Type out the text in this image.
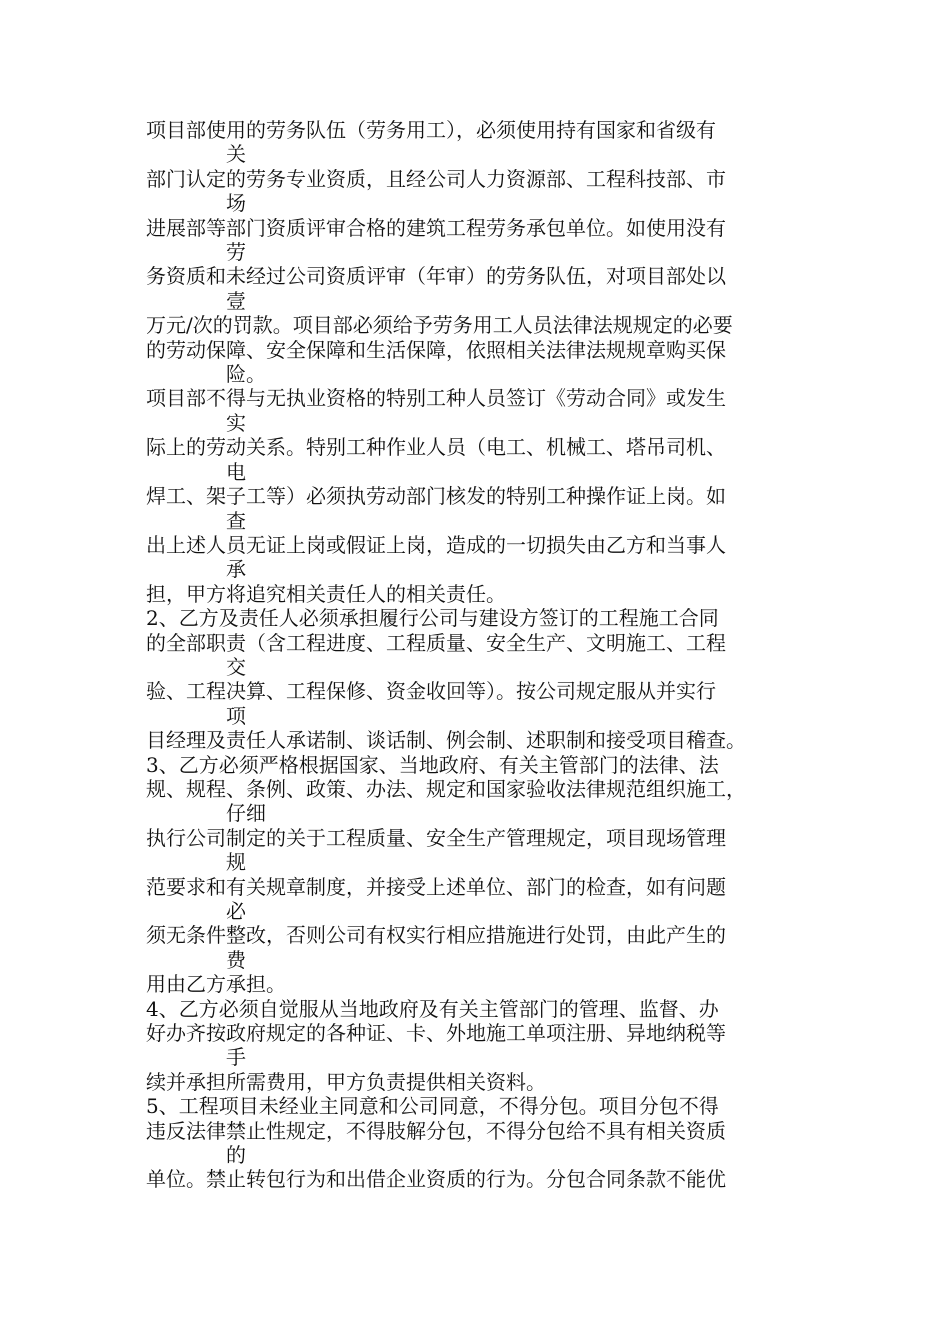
项目部使用的劳务队伍（劳务用工），必须使用持有国家和省级有
关
部门认定的劳务专业资质，且经公司人力资源部、工程科技部、市
场
进展部等部门资质评审合格的建筑工程劳务承包单位。如使用没有
劳
务资质和未经过公司资质评审（年审）的劳务队伍，对项目部处以
壹
万元/次的罚款。项目部必须给予劳务用工人员法律法规规定的必要
的劳动保障、安全保障和生活保障，依照相关法律法规规章购买保
险。
项目部不得与无执业资格的特别工种人员签订《劳动合同》或发生
实
际上的劳动关系。特别工种作业人员（电工、机械工、塔吊司机、
电
焊工、架子工等）必须执劳动部门核发的特别工种操作证上岗。如
查
出上述人员无证上岗或假证上岗，造成的一切损失由乙方和当事人
承
担，甲方将追究相关责任人的相关责任。
2、乙方及责任人必须承担履行公司与建设方签订的工程施工合同
的全部职责（含工程进度、工程质量、安全生产、文明施工、工程
交
验、工程决算、工程保修、资金收回等）。按公司规定服从并实行
项
目经理及责任人承诺制、谈话制、例会制、述职制和接受项目稽查。
3、乙方必须严格根据国家、当地政府、有关主管部门的法律、法
规、规程、条例、政策、办法、规定和国家验收法律规范组织施工，
仔细
执行公司制定的关于工程质量、安全生产管理规定，项目现场管理
规
范要求和有关规章制度，并接受上述单位、部门的检查，如有问题
必
须无条件整改，否则公司有权实行相应措施进行处罚，由此产生的
费
用由乙方承担。
4、乙方必须自觉服从当地政府及有关主管部门的管理、监督、办
好办齐按政府规定的各种证、卡、外地施工单项注册、异地纳税等
手
续并承担所需费用，甲方负责提供相关资料。
5、工程项目未经业主同意和公司同意，不得分包。项目分包不得
违反法律禁止性规定，不得肢解分包，不得分包给不具有相关资质
的
单位。禁止转包行为和出借企业资质的行为。分包合同条款不能优
